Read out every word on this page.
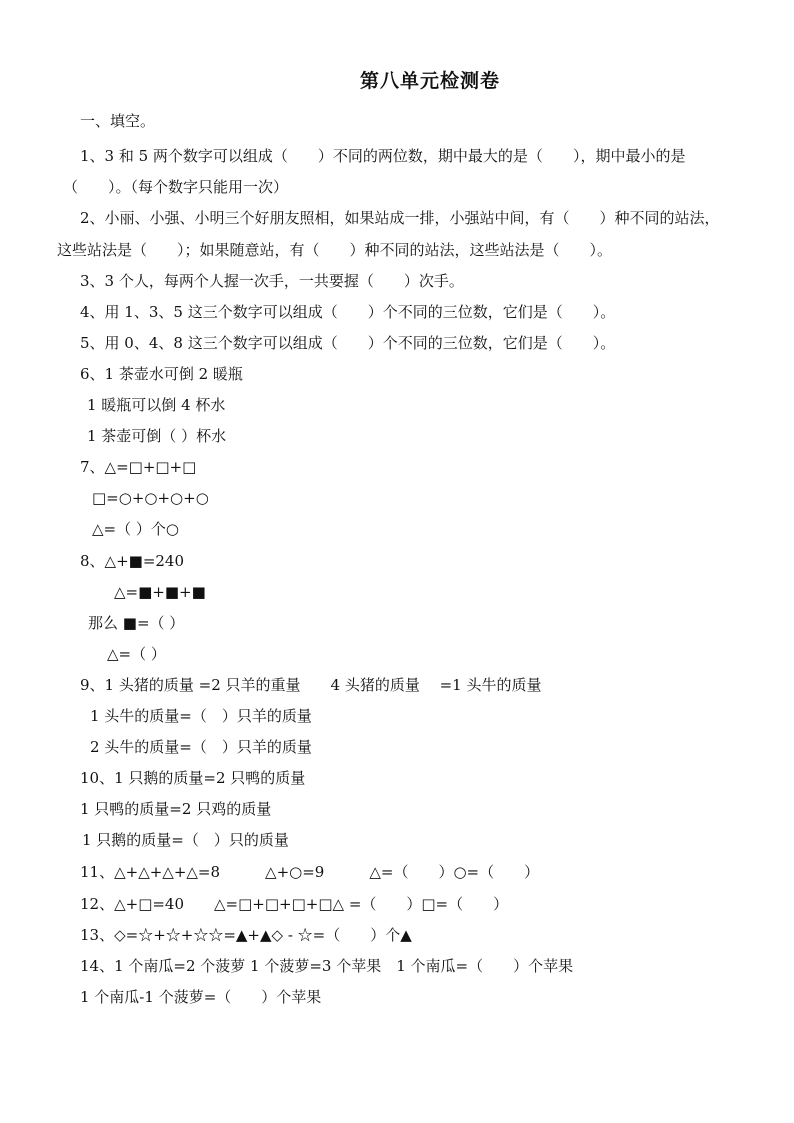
第八单元检测卷
一、填空。
1、3 和 5 两个数字可以组成（　　）不同的两位数，期中最大的是（　　），期中最小的是
（　　）。（每个数字只能用一次）
2、小丽、小强、小明三个好朋友照相，如果站成一排，小强站中间，有（　　）种不同的站法，
这些站法是（　　）；如果随意站，有（　　）种不同的站法，这些站法是（　　）。
3、3 个人，每两个人握一次手，一共要握（　　）次手。
4、用 1、3、5 这三个数字可以组成（　　）个不同的三位数，它们是（　　）。
5、用 0、4、8 这三个数字可以组成（　　）个不同的三位数，它们是（　　）。
6、1 茶壶水可倒 2 暖瓶
1 暖瓶可以倒 4 杯水
1 茶壶可倒（ ）杯水
7、△=□+□+□
□=○+○+○+○
△=（ ）个○
8、△+■=240
△=■+■+■
那么 ■=（ ）
△=（ ）
9、1 头猪的质量 =2 只羊的重量　　4 头猪的质量　 =1 头牛的质量
1 头牛的质量=（　）只羊的质量
2 头牛的质量=（　）只羊的质量
10、1 只鹅的质量=2 只鸭的质量
1 只鸭的质量=2 只鸡的质量
1 只鹅的质量=（　）只的质量
11、△+△+△+△=8　　　△+○=9　　　△=（　　）○=（　　）
12、△+□=40　　△=□+□+□+□△ =（　　）□=（　　）
13、◇=☆+☆+☆☆=▲+▲◇ - ☆=（　　）个▲
14、1 个南瓜=2 个菠萝 1 个菠萝=3 个苹果　1 个南瓜=（　　）个苹果
1 个南瓜-1 个菠萝=（　　）个苹果
